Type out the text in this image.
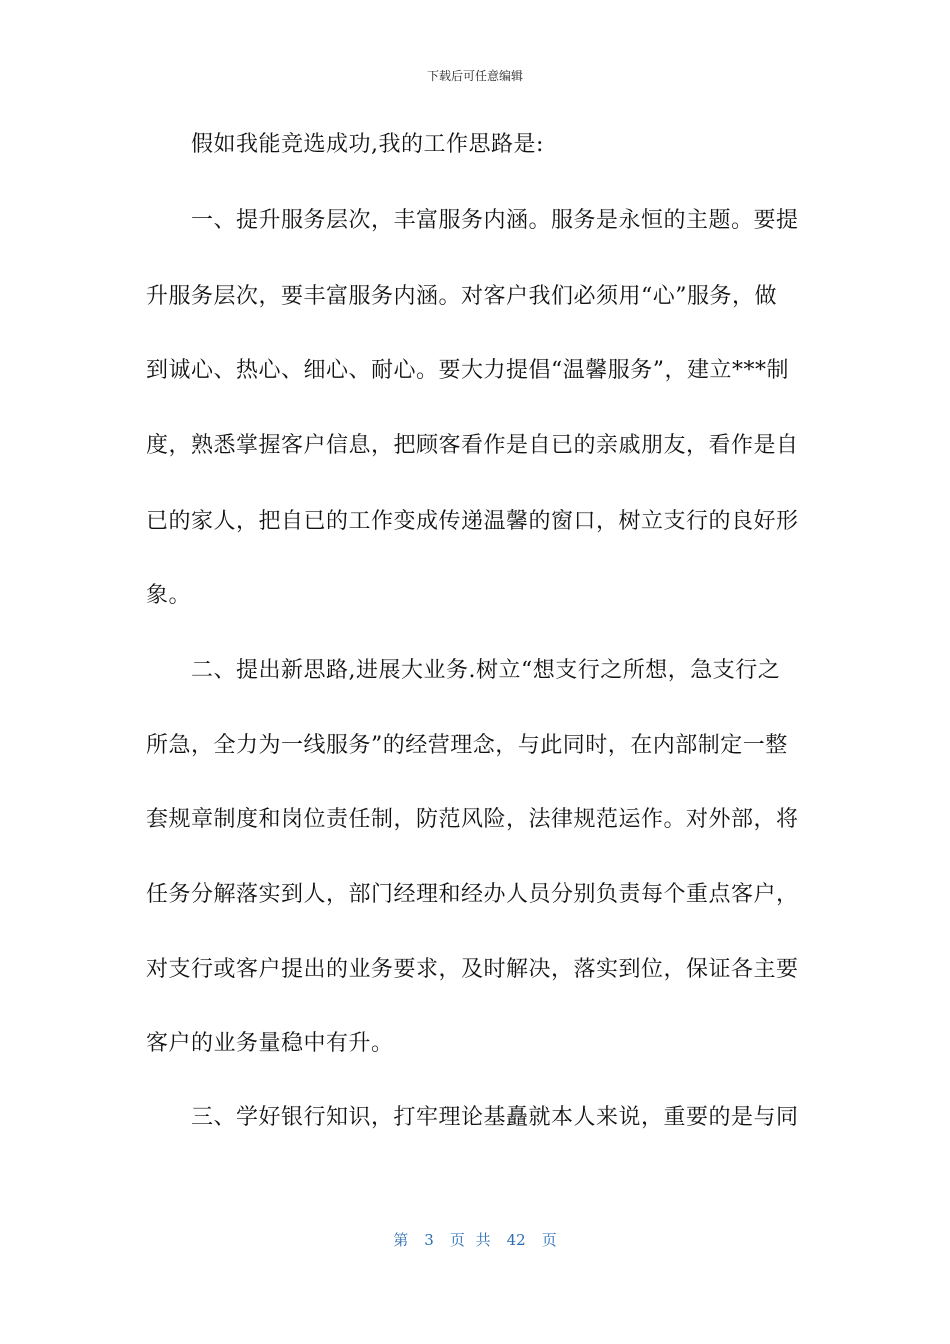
下载后可任意编辑
　　假如我能竞选成功,我的工作思路是:
　　一、提升服务层次，丰富服务内涵。服务是永恒的主题。要提
升服务层次，要丰富服务内涵。对客户我们必须用“心”服务，做
到诚心、热心、细心、耐心。要大力提倡“温馨服务”，建立***制
度，熟悉掌握客户信息，把顾客看作是自已的亲戚朋友，看作是自
已的家人，把自已的工作变成传递温馨的窗口，树立支行的良好形
象。
　　二、提出新思路,进展大业务.树立“想支行之所想，急支行之
所急，全力为一线服务”的经营理念，与此同时，在内部制定一整
套规章制度和岗位责任制，防范风险，法律规范运作。对外部，将
任务分解落实到人，部门经理和经办人员分别负责每个重点客户，
对支行或客户提出的业务要求，及时解决，落实到位，保证各主要
客户的业务量稳中有升。
　　三、学好银行知识，打牢理论基矗就本人来说，重要的是与同
第 3 页 共 42 页
